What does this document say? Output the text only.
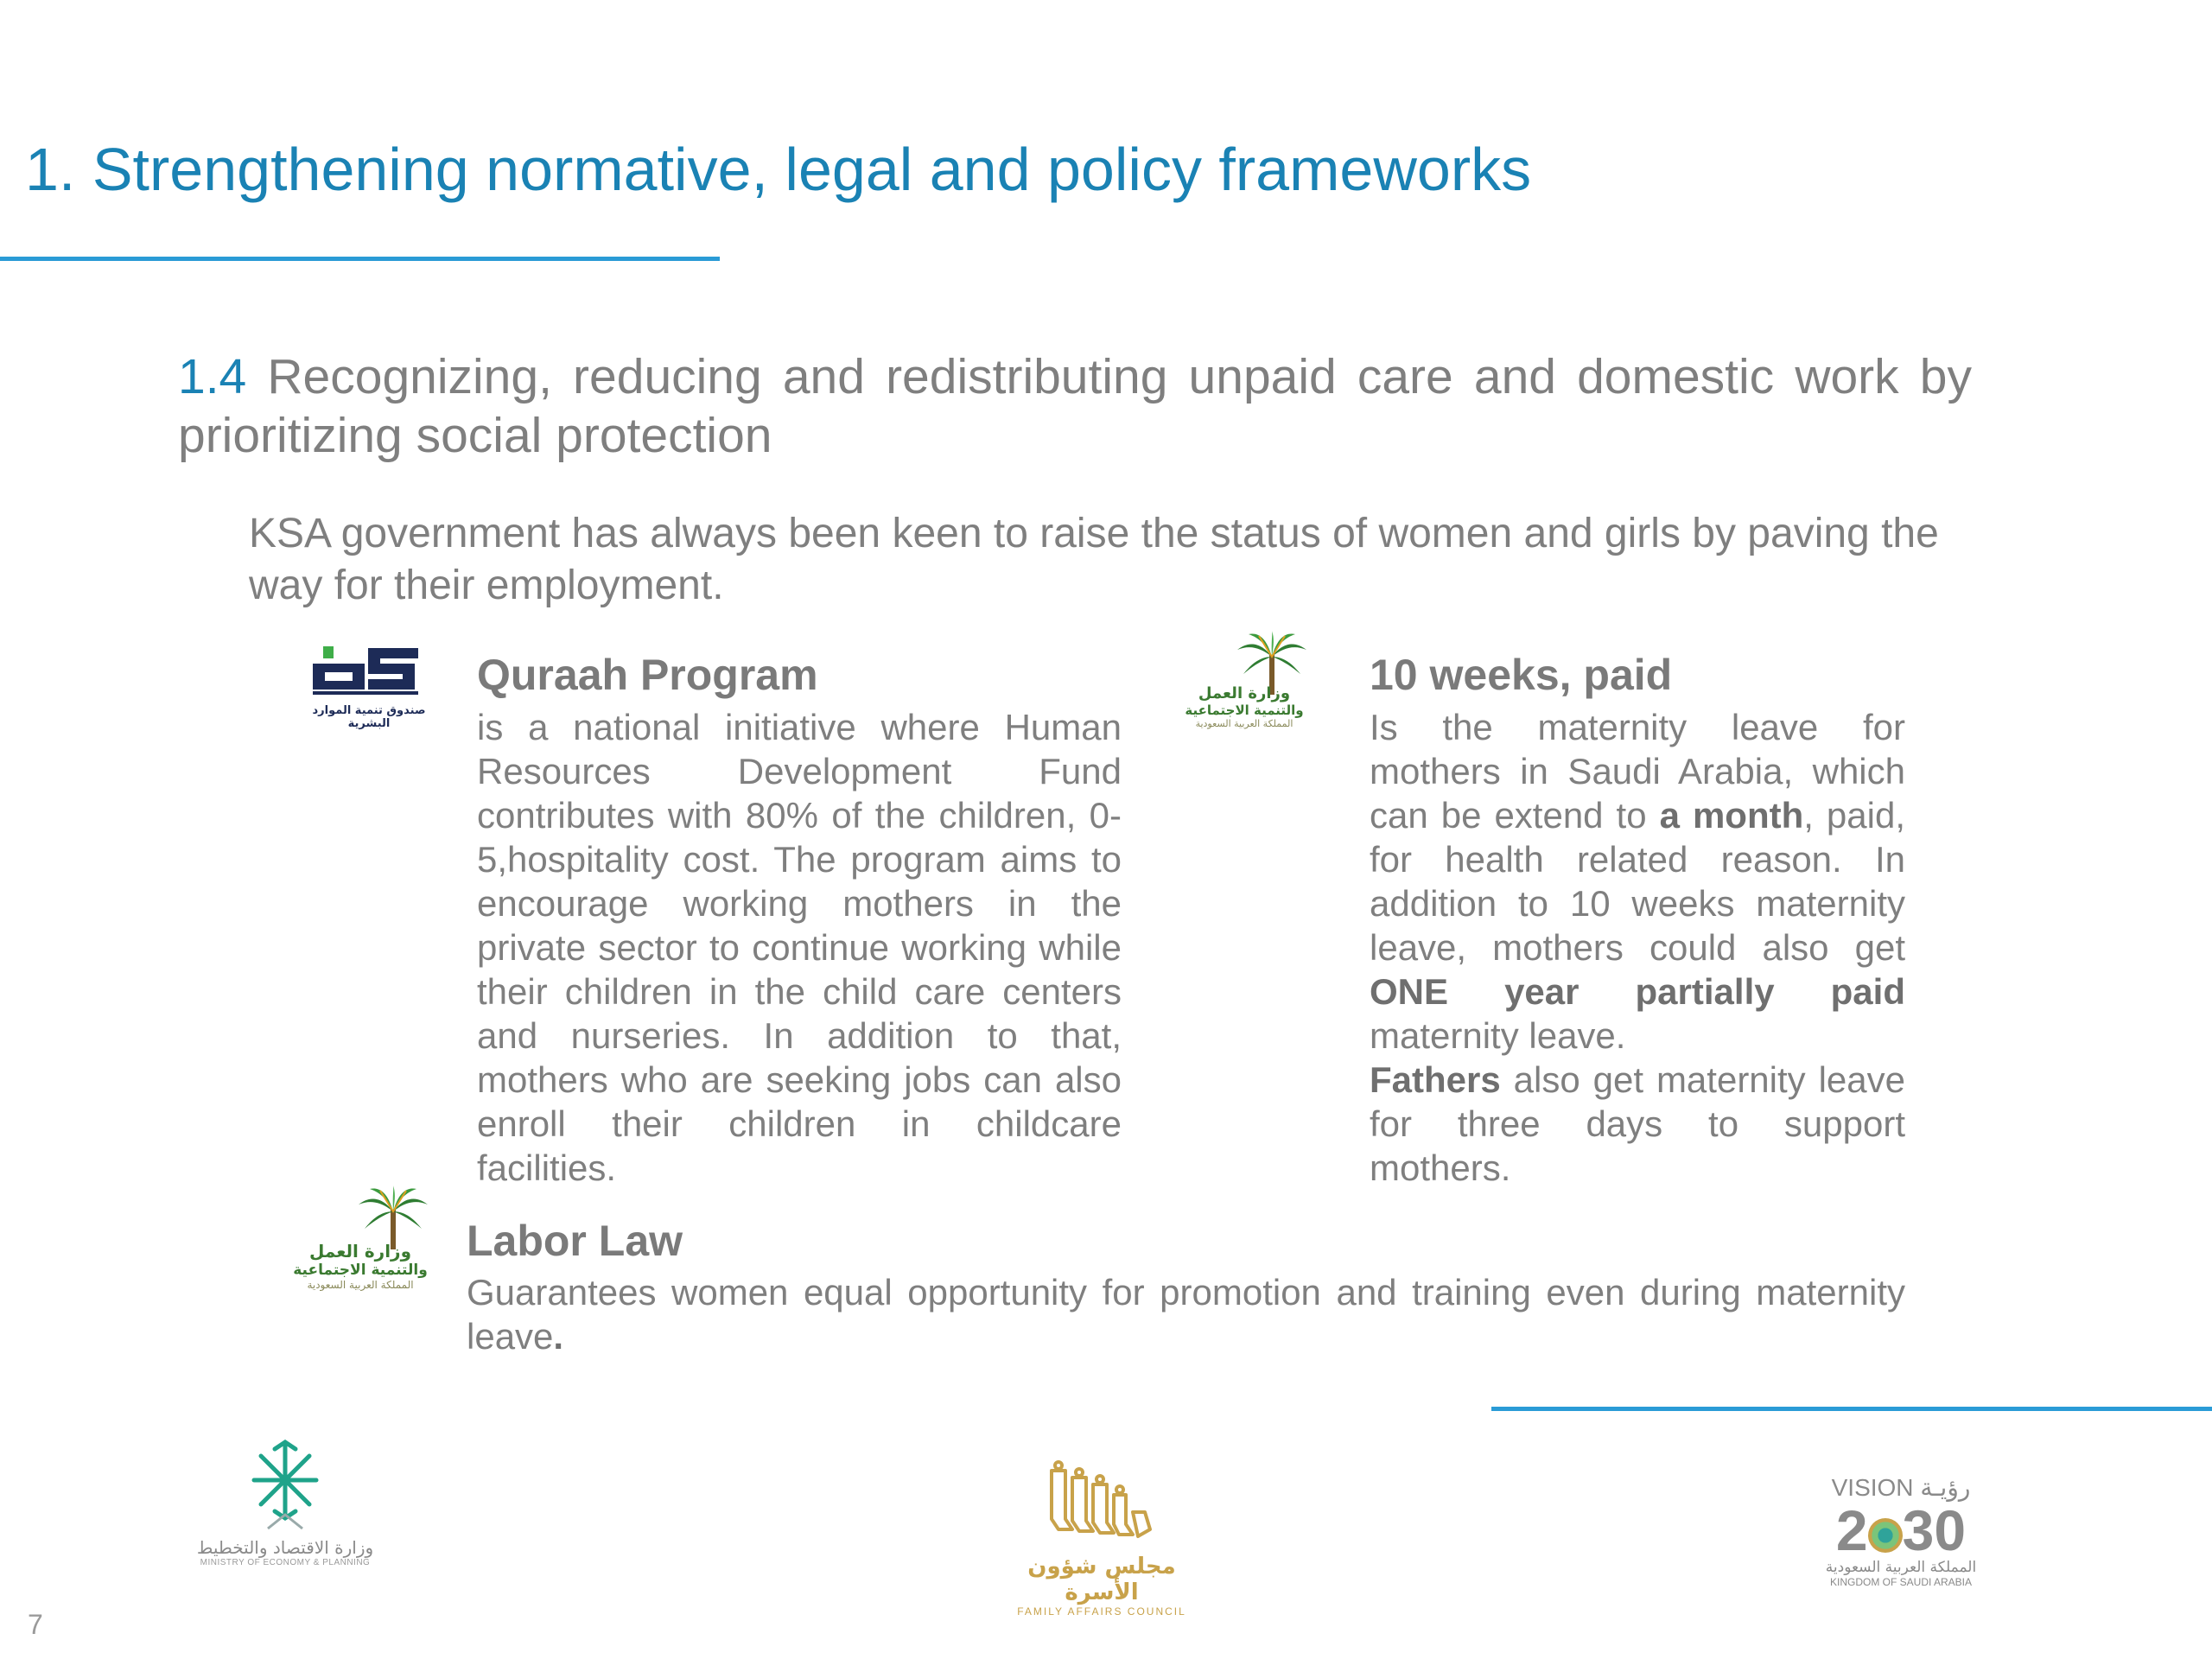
1. Strengthening normative, legal and policy frameworks
1.4 Recognizing, reducing and redistributing unpaid care and domestic work by prioritizing social protection
KSA government has always been keen to raise the status of women and girls by paving the way for their employment.
صندوق تنمية الموارد البشرية
Quraah Program
is a national initiative where Human Resources Development Fund contributes with 80% of the children, 0-5,hospitality cost. The program aims to encourage working mothers in the private sector to continue working while their children in the child care centers and nurseries. In addition to that, mothers who are seeking jobs can also enroll their children in childcare facilities.
وزارة العمل
والتنمية الاجتماعية
المملكة العربية السعودية
10 weeks, paid
Is the maternity leave for mothers in Saudi Arabia, which can be extend to a month, paid, for health related reason. In addition to 10 weeks maternity leave, mothers could also get ONE year partially paid maternity leave.
Fathers also get maternity leave for three days to support mothers.
وزارة العمل
والتنمية الاجتماعية
المملكة العربية السعودية
Labor Law
Guarantees women equal opportunity for promotion and training even during maternity leave.
وزارة الاقتصاد والتخطيط
MINISTRY OF ECONOMY & PLANNING	مجلس شؤون الأسرة
FAMILY AFFAIRS COUNCIL
VISION رؤيـة
2 30
المملكة العربية السعودية
KINGDOM OF SAUDI ARABIA
7
